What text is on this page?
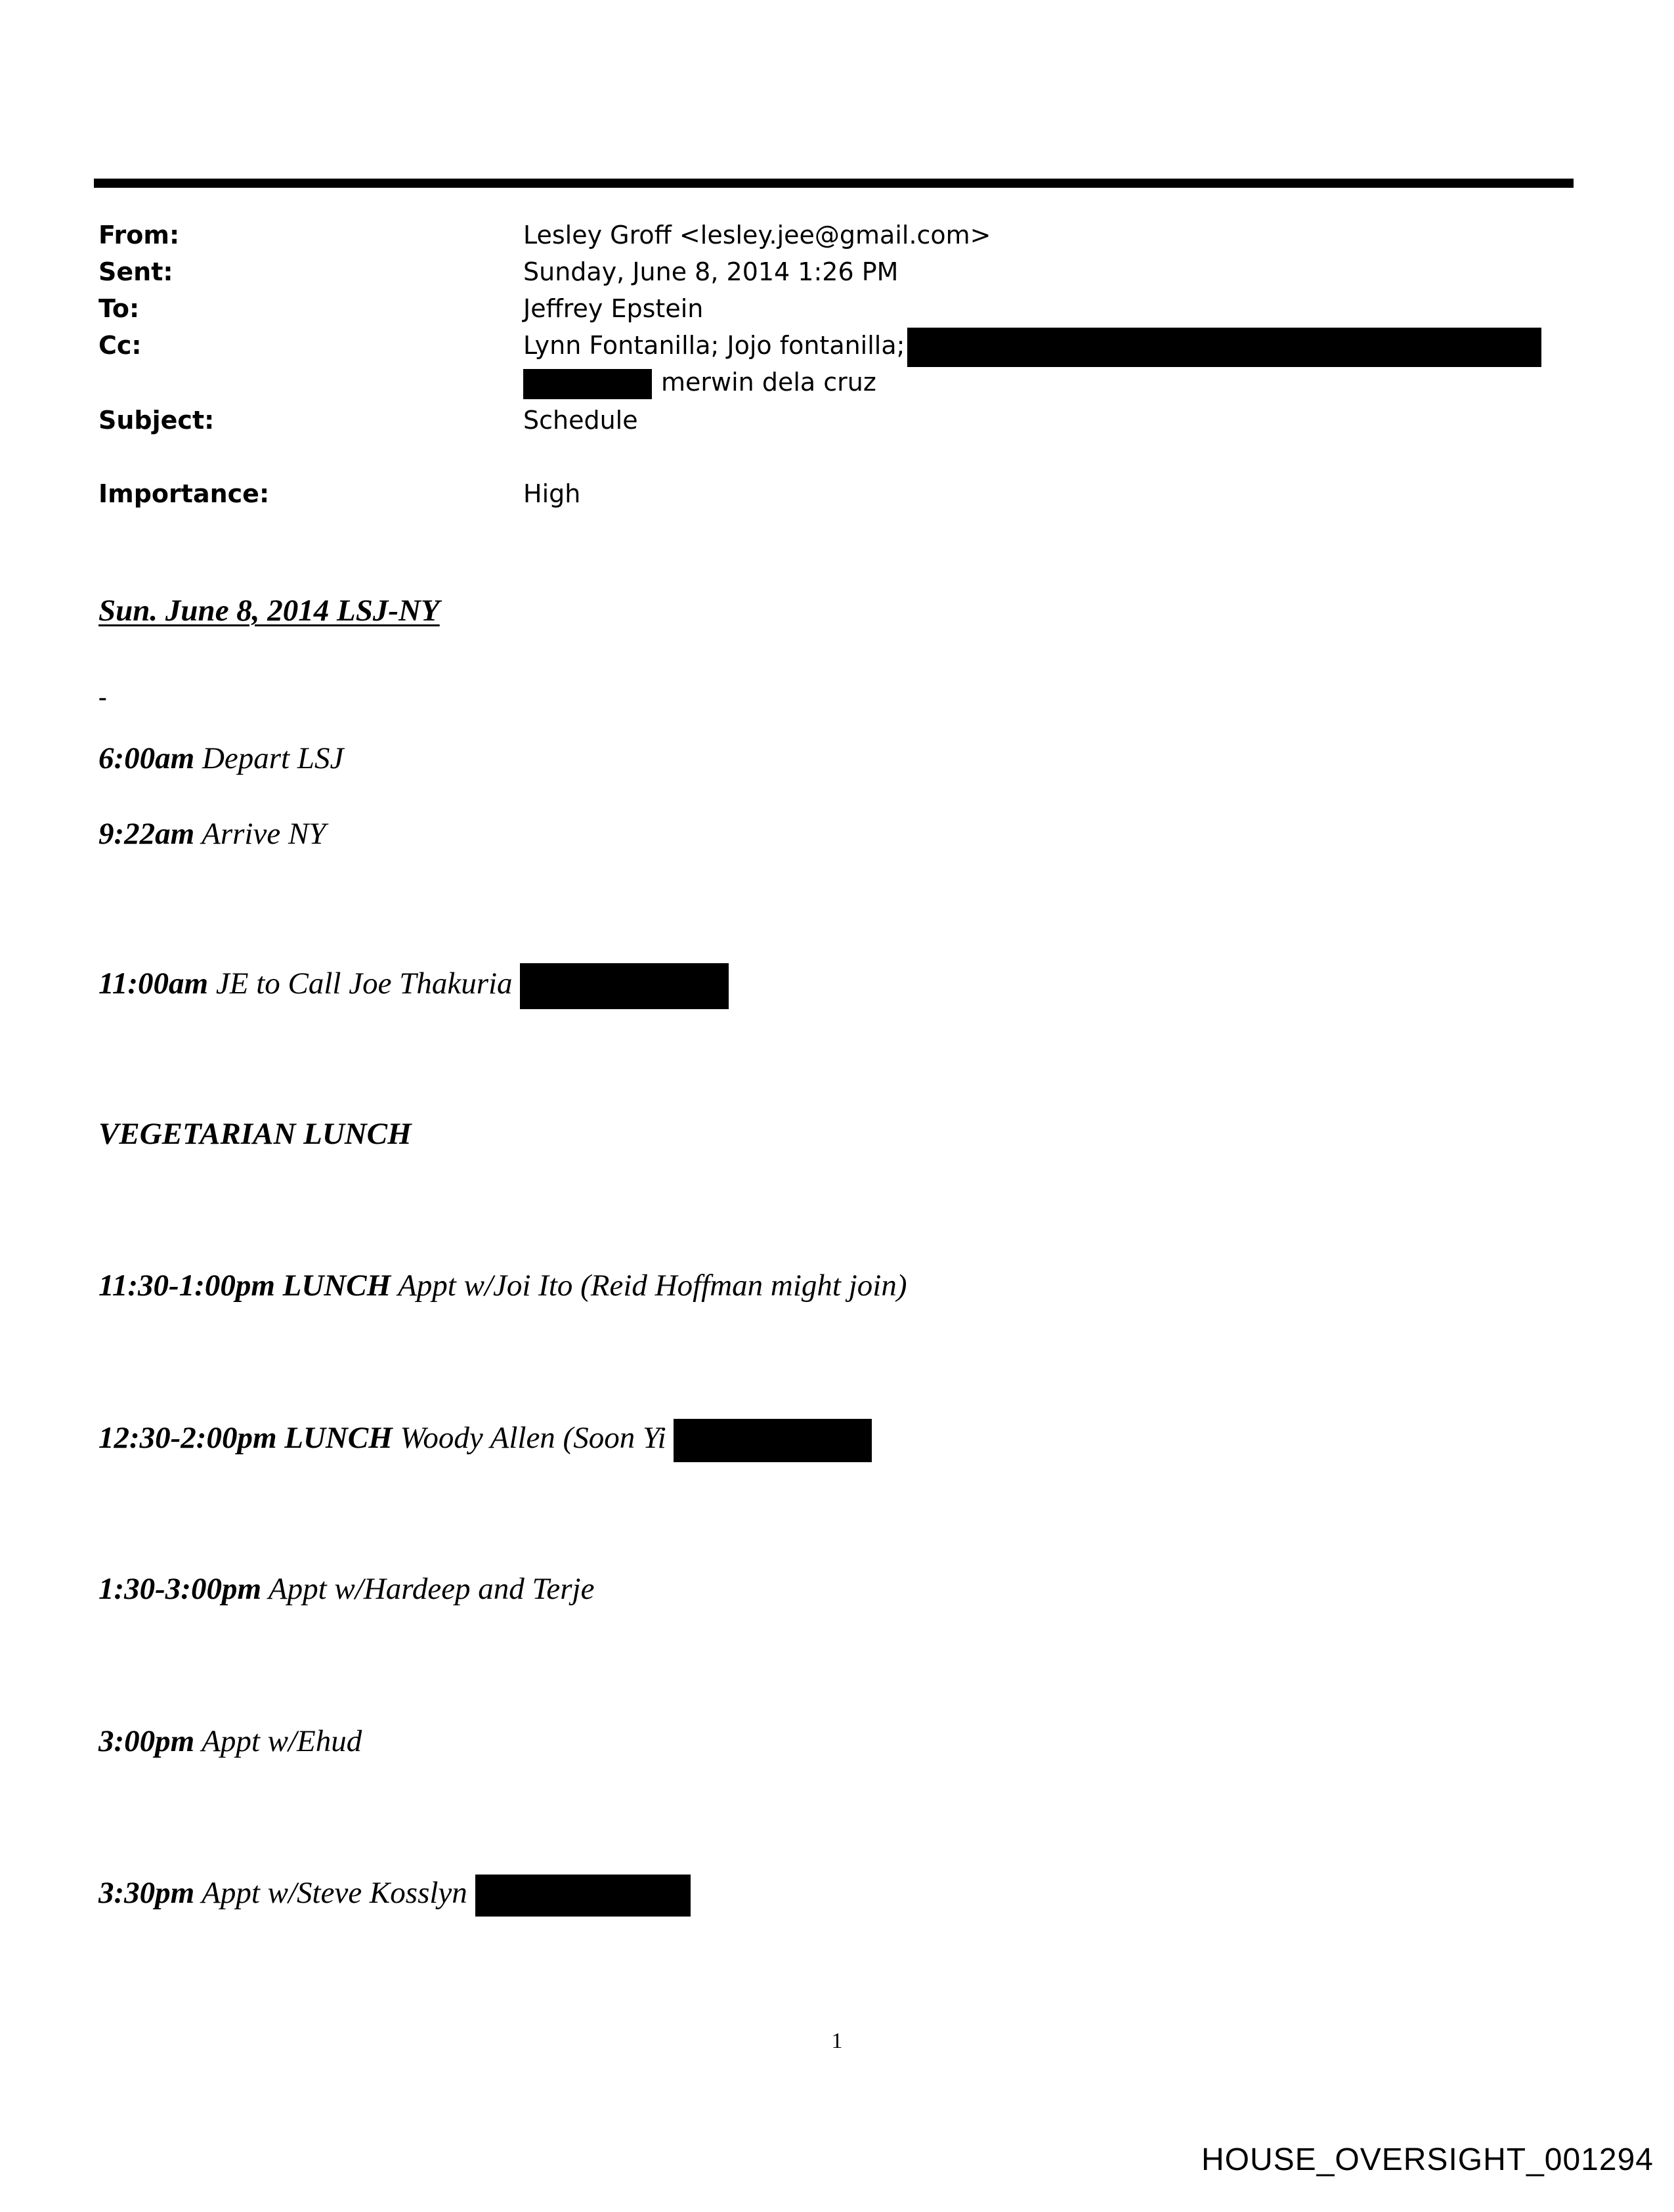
From:	Lesley Groff <lesley.jee@gmail.com>
Sent:	Sunday, June 8, 2014 1:26 PM
To:	Jeffrey Epstein
Cc:	Lynn Fontanilla; Jojo fontanilla;
merwin dela cruz
Subject:	Schedule
Importance:	High
Sun. June 8, 2014 LSJ-NY
-
6:00am Depart LSJ
9:22am Arrive NY
11:00am JE to Call Joe Thakuria
VEGETARIAN LUNCH
11:30-1:00pm LUNCH Appt w/Joi Ito (Reid Hoffman might join)
12:30-2:00pm LUNCH Woody Allen (Soon Yi
1:30-3:00pm Appt w/Hardeep and Terje
3:00pm Appt w/Ehud
3:30pm Appt w/Steve Kosslyn
1
HOUSE_OVERSIGHT_001294
